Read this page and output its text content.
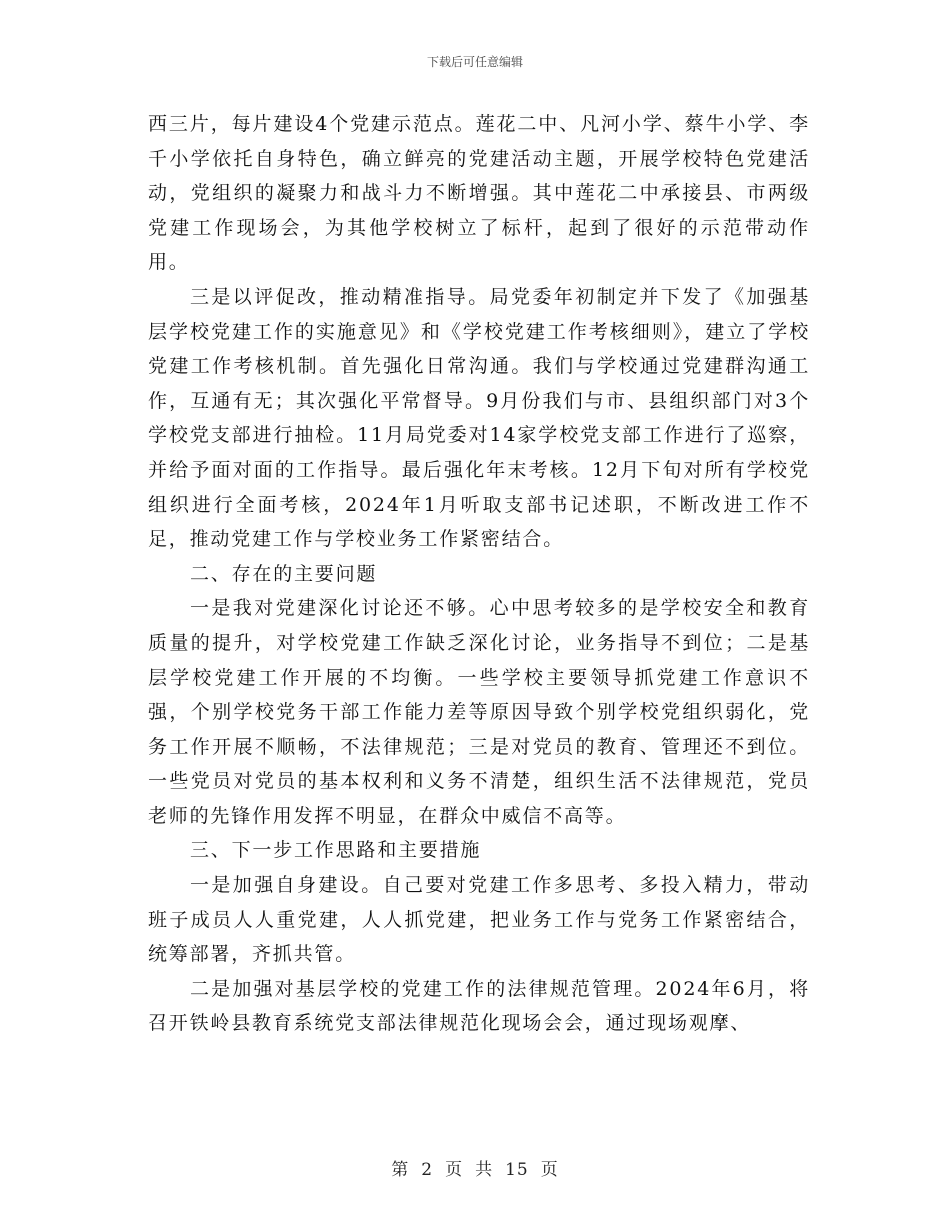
下载后可任意编辑

西三片，每片建设4个党建示范点。莲花二中、凡河小学、蔡牛小学、李千小学依托自身特色，确立鲜亮的党建活动主题，开展学校特色党建活动，党组织的凝聚力和战斗力不断增强。其中莲花二中承接县、市两级党建工作现场会，为其他学校树立了标杆，起到了很好的示范带动作用。

三是以评促改，推动精准指导。局党委年初制定并下发了《加强基层学校党建工作的实施意见》和《学校党建工作考核细则》，建立了学校党建工作考核机制。首先强化日常沟通。我们与学校通过党建群沟通工作，互通有无；其次强化平常督导。9月份我们与市、县组织部门对3个学校党支部进行抽检。11月局党委对14家学校党支部工作进行了巡察，并给予面对面的工作指导。最后强化年末考核。12月下旬对所有学校党组织进行全面考核，2024年1月听取支部书记述职，不断改进工作不足，推动党建工作与学校业务工作紧密结合。

二、存在的主要问题

一是我对党建深化讨论还不够。心中思考较多的是学校安全和教育质量的提升，对学校党建工作缺乏深化讨论，业务指导不到位；二是基层学校党建工作开展的不均衡。一些学校主要领导抓党建工作意识不强，个别学校党务干部工作能力差等原因导致个别学校党组织弱化，党务工作开展不顺畅，不法律规范；三是对党员的教育、管理还不到位。一些党员对党员的基本权利和义务不清楚，组织生活不法律规范，党员老师的先锋作用发挥不明显，在群众中威信不高等。

三、下一步工作思路和主要措施

一是加强自身建设。自己要对党建工作多思考、多投入精力，带动班子成员人人重党建，人人抓党建，把业务工作与党务工作紧密结合，统筹部署，齐抓共管。

二是加强对基层学校的党建工作的法律规范管理。2024年6月，将召开铁岭县教育系统党支部法律规范化现场会会，通过现场观摩、

第 2 页 共 15 页
